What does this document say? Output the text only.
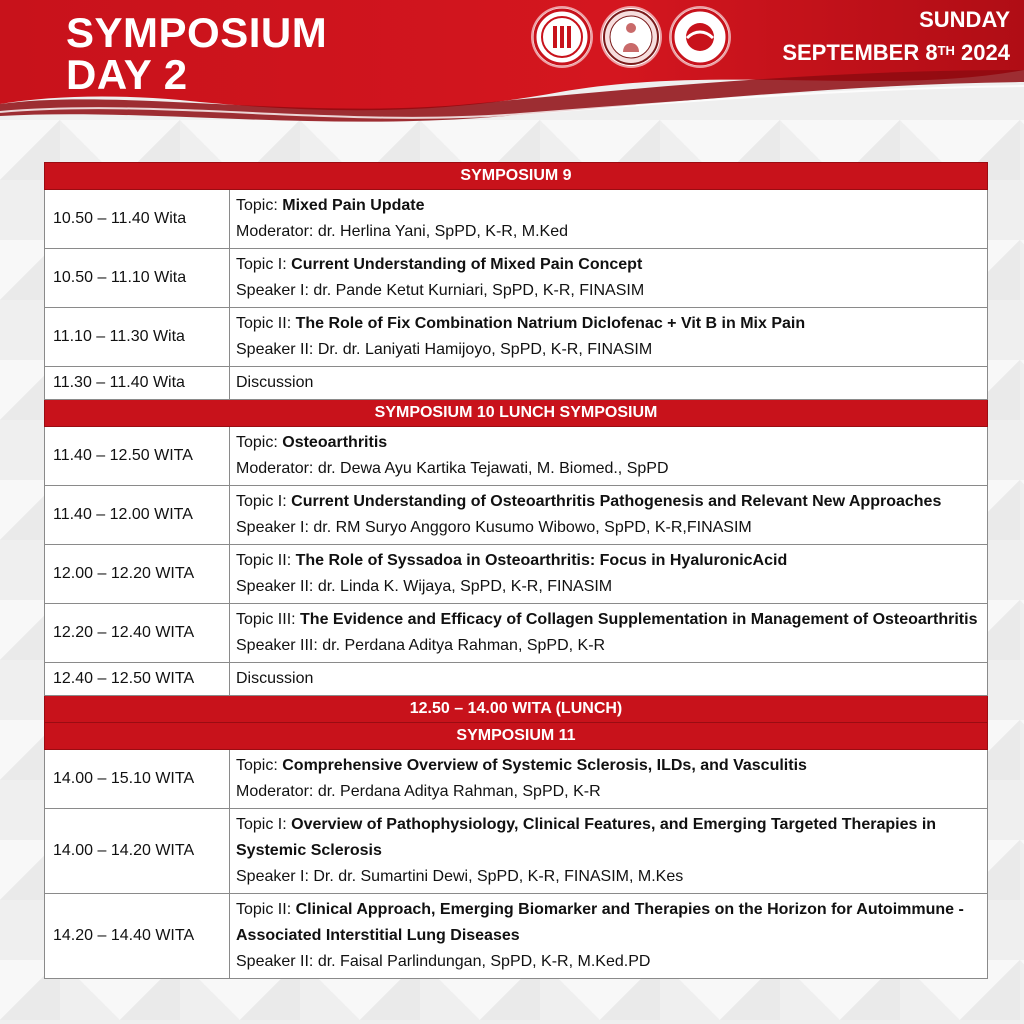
SYMPOSIUM
DAY 2
SUNDAY
SEPTEMBER 8TH 2024
SYMPOSIUM 9	
10.50 – 11.40 Wita	Topic: Mixed Pain Update
Moderator: dr. Herlina Yani, SpPD, K-R, M.Ked

10.50 – 11.10 Wita	Topic I: Current Understanding of Mixed Pain Concept
Speaker I: dr. Pande Ketut Kurniari, SpPD, K-R, FINASIM

11.10 – 11.30 Wita	Topic II: The Role of Fix Combination Natrium Diclofenac + Vit B in Mix Pain
Speaker II: Dr. dr. Laniyati Hamijoyo, SpPD, K-R, FINASIM

11.30 – 11.40 Wita	Discussion

SYMPOSIUM 10 LUNCH SYMPOSIUM	
11.40 – 12.50 WITA	Topic: Osteoarthritis
Moderator: dr. Dewa Ayu Kartika Tejawati, M. Biomed., SpPD

11.40 – 12.00 WITA	Topic I: Current Understanding of Osteoarthritis Pathogenesis and Relevant New Approaches
Speaker I: dr. RM Suryo Anggoro Kusumo Wibowo, SpPD, K-R,FINASIM

12.00 – 12.20 WITA	Topic II: The Role of Syssadoa in Osteoarthritis: Focus in HyaluronicAcid
Speaker II: dr. Linda K. Wijaya, SpPD, K-R, FINASIM

12.20 – 12.40 WITA	Topic III: The Evidence and Efficacy of Collagen Supplementation in Management of Osteoarthritis
Speaker III: dr. Perdana Aditya Rahman, SpPD, K-R

12.40 – 12.50 WITA	Discussion

12.50 – 14.00 WITA (LUNCH)	
SYMPOSIUM 11	
14.00 – 15.10 WITA	Topic: Comprehensive Overview of Systemic Sclerosis, ILDs, and Vasculitis
Moderator: dr. Perdana Aditya Rahman, SpPD, K-R

14.00 – 14.20 WITA	Topic I: Overview of Pathophysiology, Clinical Features, and Emerging Targeted Therapies in Systemic Sclerosis
Speaker I: Dr. dr. Sumartini Dewi, SpPD, K-R, FINASIM, M.Kes

14.20 – 14.40 WITA	Topic II: Clinical Approach, Emerging Biomarker and Therapies on the Horizon for Autoimmune - Associated Interstitial Lung Diseases
Speaker II: dr. Faisal Parlindungan, SpPD, K-R, M.Ked.PD
